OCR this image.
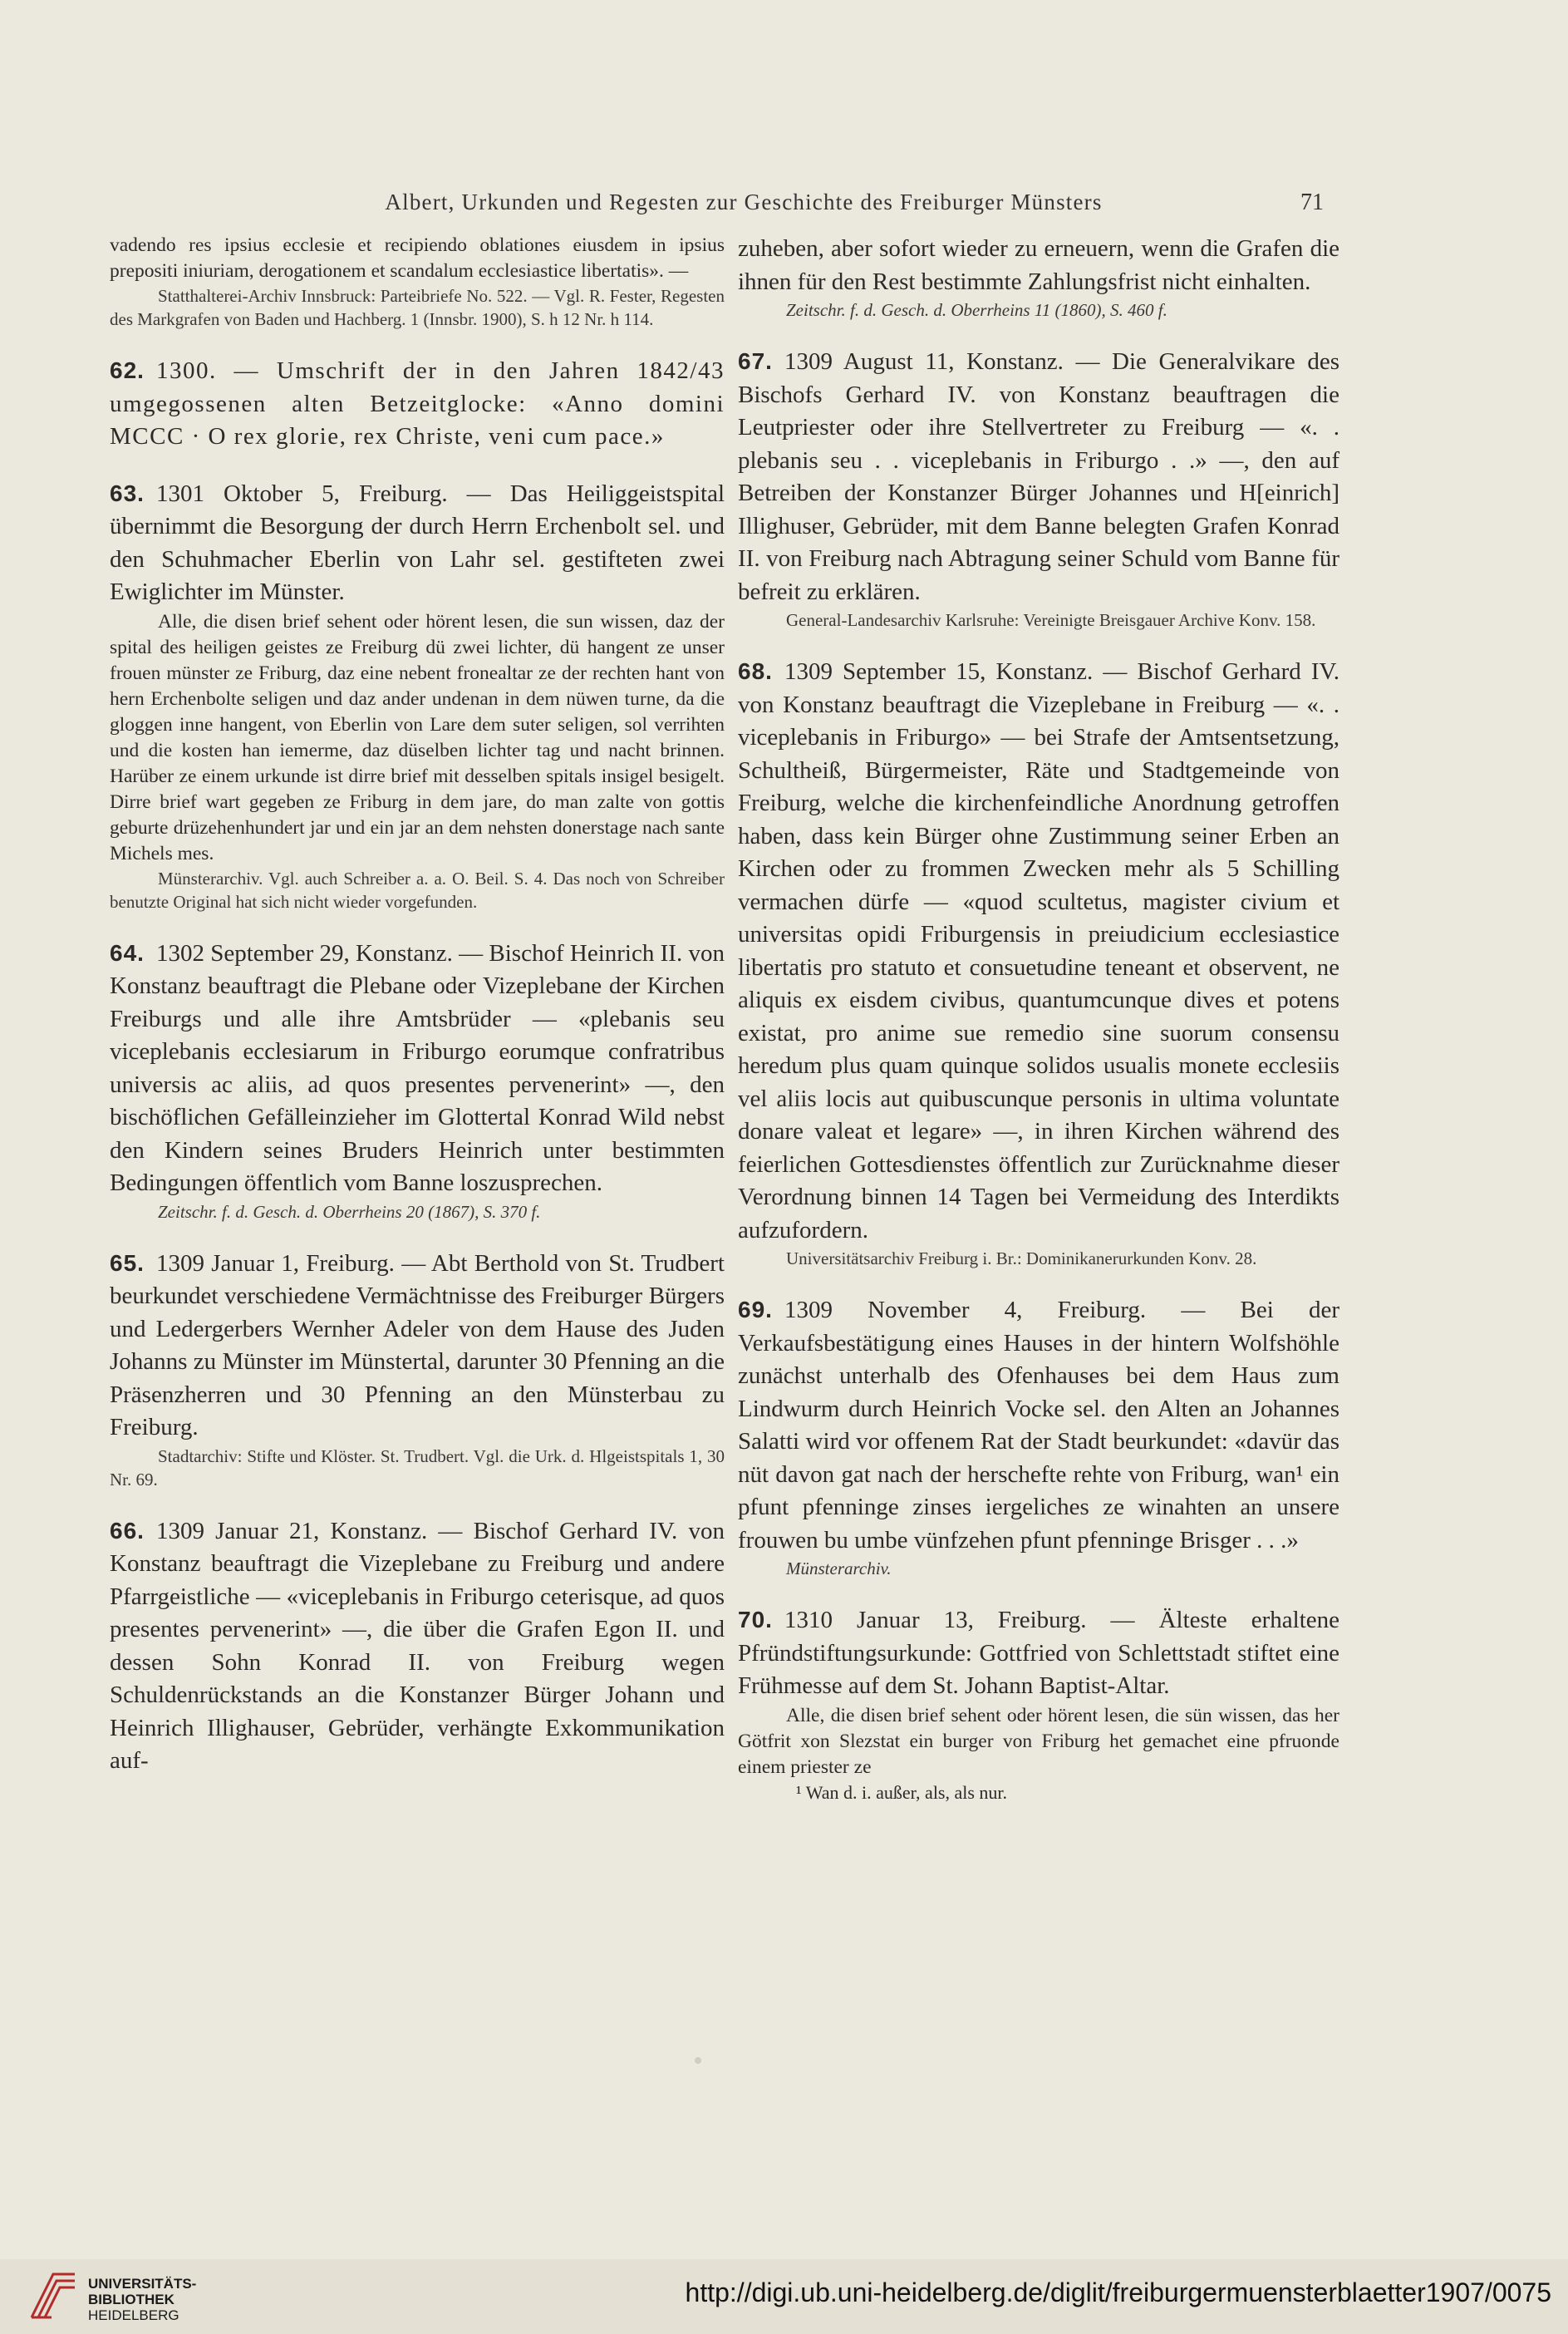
Albert, Urkunden und Regesten zur Geschichte des Freiburger Münsters	71

vadendo res ipsius ecclesie et recipiendo oblationes eiusdem in ipsius prepositi iniuriam, derogationem et scandalum ecclesiastice libertatis». —

Statthalterei-Archiv Innsbruck: Parteibriefe No. 522. — Vgl. R. Fester, Regesten des Markgrafen von Baden und Hachberg. 1 (Innsbr. 1900), S. h 12 Nr. h 114.

62. 1300. — Umschrift der in den Jahren 1842/43 umgegossenen alten Betzeitglocke: «Anno domini MCCC · O rex glorie, rex Christe, veni cum pace.»

63. 1301 Oktober 5, Freiburg. — Das Heiliggeistspital übernimmt die Besorgung der durch Herrn Erchenbolt sel. und den Schuhmacher Eberlin von Lahr sel. gestifteten zwei Ewiglichter im Münster.

Alle, die disen brief sehent oder hörent lesen, die sun wissen, daz der spital des heiligen geistes ze Freiburg dü zwei lichter, dü hangent ze unser frouen münster ze Friburg, daz eine nebent fronealtar ze der rechten hant von hern Erchenbolte seligen und daz ander undenan in dem nüwen turne, da die gloggen inne hangent, von Eberlin von Lare dem suter seligen, sol verrihten und die kosten han iemerme, daz düselben lichter tag und nacht brinnen. Harüber ze einem urkunde ist dirre brief mit desselben spitals insigel besigelt. Dirre brief wart gegeben ze Friburg in dem jare, do man zalte von gottis geburte drüzehenhundert jar und ein jar an dem nehsten donerstage nach sante Michels mes.

Münsterarchiv. Vgl. auch Schreiber a. a. O. Beil. S. 4. Das noch von Schreiber benutzte Original hat sich nicht wieder vorgefunden.

64. 1302 September 29, Konstanz. — Bischof Heinrich II. von Konstanz beauftragt die Plebane oder Vizeplebane der Kirchen Freiburgs und alle ihre Amtsbrüder — «plebanis seu viceplebanis ecclesiarum in Friburgo eorumque confratribus universis ac aliis, ad quos presentes pervenerint» —, den bischöflichen Gefälleinzieher im Glottertal Konrad Wild nebst den Kindern seines Bruders Heinrich unter bestimmten Bedingungen öffentlich vom Banne loszusprechen.

Zeitschr. f. d. Gesch. d. Oberrheins 20 (1867), S. 370 f.

65. 1309 Januar 1, Freiburg. — Abt Berthold von St. Trudbert beurkundet verschiedene Vermächtnisse des Freiburger Bürgers und Ledergerbers Wernher Adeler von dem Hause des Juden Johanns zu Münster im Münstertal, darunter 30 Pfenning an die Präsenzherren und 30 Pfenning an den Münsterbau zu Freiburg.

Stadtarchiv: Stifte und Klöster. St. Trudbert. Vgl. die Urk. d. Hlgeistspitals 1, 30 Nr. 69.

66. 1309 Januar 21, Konstanz. — Bischof Gerhard IV. von Konstanz beauftragt die Vizeplebane zu Freiburg und andere Pfarrgeistliche — «viceplebanis in Friburgo ceterisque, ad quos presentes pervenerint» —, die über die Grafen Egon II. und dessen Sohn Konrad II. von Freiburg wegen Schuldenrückstands an die Konstanzer Bürger Johann und Heinrich Illighauser, Gebrüder, verhängte Exkommunikation auf-

zuheben, aber sofort wieder zu erneuern, wenn die Grafen die ihnen für den Rest bestimmte Zahlungsfrist nicht einhalten.

Zeitschr. f. d. Gesch. d. Oberrheins 11 (1860), S. 460 f.

67. 1309 August 11, Konstanz. — Die Generalvikare des Bischofs Gerhard IV. von Konstanz beauftragen die Leutpriester oder ihre Stellvertreter zu Freiburg — «. . plebanis seu . . viceplebanis in Friburgo . .» —, den auf Betreiben der Konstanzer Bürger Johannes und H[einrich] Illighuser, Gebrüder, mit dem Banne belegten Grafen Konrad II. von Freiburg nach Abtragung seiner Schuld vom Banne für befreit zu erklären.

General-Landesarchiv Karlsruhe: Vereinigte Breisgauer Archive Konv. 158.

68. 1309 September 15, Konstanz. — Bischof Gerhard IV. von Konstanz beauftragt die Vizeplebane in Freiburg — «. . viceplebanis in Friburgo» — bei Strafe der Amtsentsetzung, Schultheiß, Bürgermeister, Räte und Stadtgemeinde von Freiburg, welche die kirchenfeindliche Anordnung getroffen haben, dass kein Bürger ohne Zustimmung seiner Erben an Kirchen oder zu frommen Zwecken mehr als 5 Schilling vermachen dürfe — «quod scultetus, magister civium et universitas opidi Friburgensis in preiudicium ecclesiastice libertatis pro statuto et consuetudine teneant et observent, ne aliquis ex eisdem civibus, quantumcunque dives et potens existat, pro anime sue remedio sine suorum consensu heredum plus quam quinque solidos usualis monete ecclesiis vel aliis locis aut quibuscunque personis in ultima voluntate donare valeat et legare» —, in ihren Kirchen während des feierlichen Gottesdienstes öffentlich zur Zurücknahme dieser Verordnung binnen 14 Tagen bei Vermeidung des Interdikts aufzufordern.

Universitätsarchiv Freiburg i. Br.: Dominikanerurkunden Konv. 28.

69. 1309 November 4, Freiburg. — Bei der Verkaufsbestätigung eines Hauses in der hintern Wolfshöhle zunächst unterhalb des Ofenhauses bei dem Haus zum Lindwurm durch Heinrich Vocke sel. den Alten an Johannes Salatti wird vor offenem Rat der Stadt beurkundet: «davür das nüt davon gat nach der herschefte rehte von Friburg, wan¹ ein pfunt pfenninge zinses iergeliches ze winahten an unsere frouwen bu umbe vünfzehen pfunt pfenninge Brisger . . .»

Münsterarchiv.

70. 1310 Januar 13, Freiburg. — Älteste erhaltene Pfründstiftungsurkunde: Gottfried von Schlettstadt stiftet eine Frühmesse auf dem St. Johann Baptist-Altar.

Alle, die disen brief sehent oder hörent lesen, die sün wissen, das her Götfrit xon Slezstat ein burger von Friburg het gemachet eine pfruonde einem priester ze

¹ Wan d. i. außer, als, als nur.

UNIVERSITÄTS-
BIBLIOTHEK
HEIDELBERG
http://digi.ub.uni-heidelberg.de/diglit/freiburgermuensterblaetter1907/0075
